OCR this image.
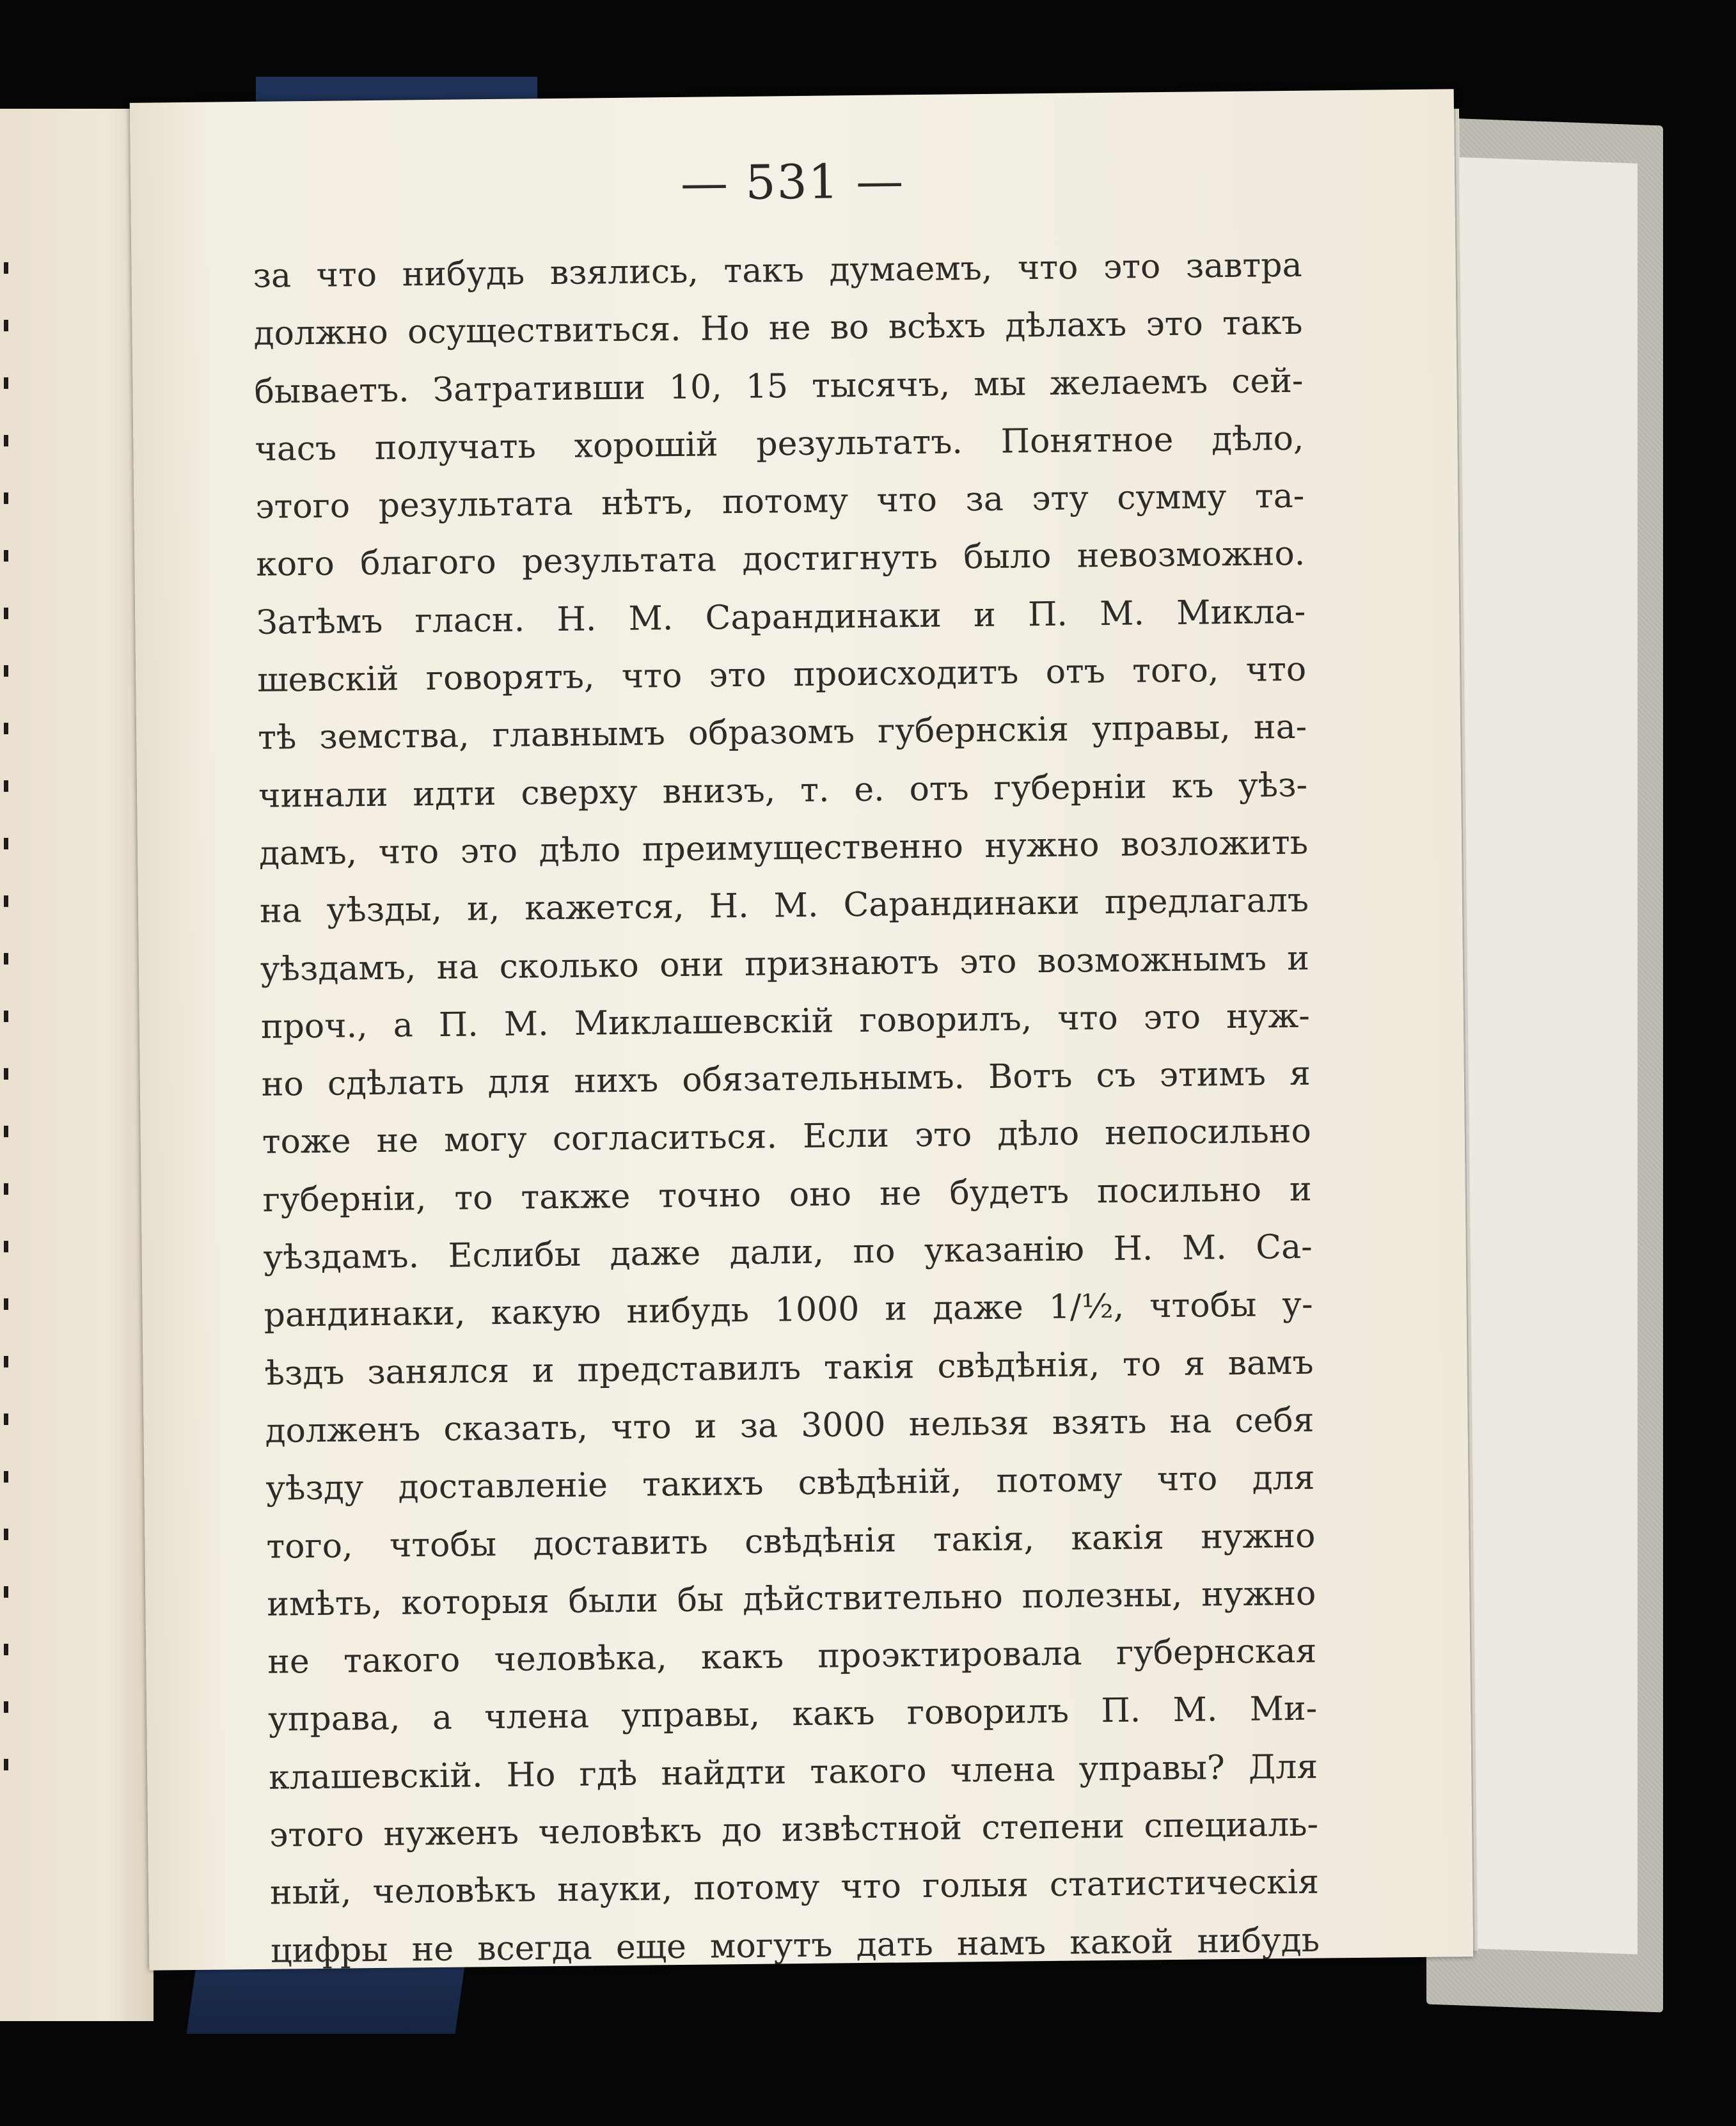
— 531 —
за что нибудь взялись, такъ думаемъ, что это завтра
должно осуществиться. Но не во всѣхъ дѣлахъ это такъ
бываетъ. Затративши 10, 15 тысячъ, мы желаемъ сей-
часъ получать хорошій результатъ. Понятное дѣло,
этого результата нѣтъ, потому что за эту сумму та-
кого благого результата достигнуть было невозможно.
Затѣмъ гласн. Н. М. Сарандинаки и П. М. Микла-
шевскій говорятъ, что это происходитъ отъ того, что
тѣ земства, главнымъ образомъ губернскія управы, на-
чинали идти сверху внизъ, т. е. отъ губерніи къ уѣз-
дамъ, что это дѣло преимущественно нужно возложить
на уѣзды, и, кажется, Н. М. Сарандинаки предлагалъ
уѣздамъ, на сколько они признаютъ это возможнымъ и
проч., а П. М. Миклашевскій говорилъ, что это нуж-
но сдѣлать для нихъ обязательнымъ. Вотъ съ этимъ я
тоже не могу согласиться. Если это дѣло непосильно
губерніи, то также точно оно не будетъ посильно и
уѣздамъ. Еслибы даже дали, по указанію Н. М. Са-
рандинаки, какую нибудь 1000 и даже 1/½, чтобы у-
ѣздъ занялся и представилъ такія свѣдѣнія, то я вамъ
долженъ сказать, что и за 3000 нельзя взять на себя
уѣзду доставленіе такихъ свѣдѣній, потому что для
того, чтобы доставить свѣдѣнія такія, какія нужно
имѣть, которыя были бы дѣйствительно полезны, нужно
не такого человѣка, какъ проэктировала губернская
управа, а члена управы, какъ говорилъ П. М. Ми-
клашевскій. Но гдѣ найдти такого члена управы? Для
этого нуженъ человѣкъ до извѣстной степени специаль-
ный, человѣкъ науки, потому что голыя статистическія
цифры не всегда еще могутъ дать намъ какой нибудь
